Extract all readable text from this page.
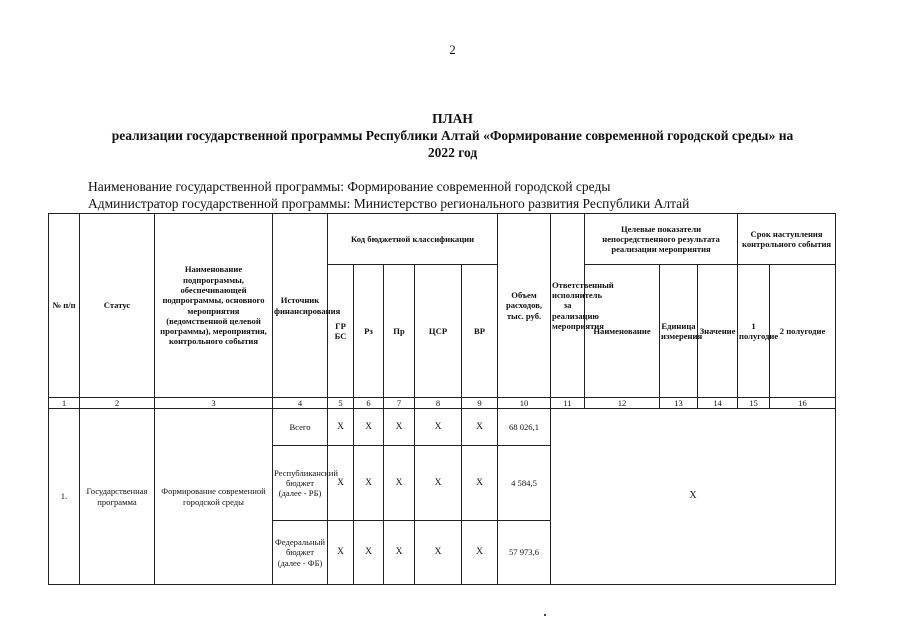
2
ПЛАН
реализации государственной программы Республики Алтай «Формирование современной городской среды» на
2022 год
Наименование государственной программы: Формирование современной городской среды
Администратор государственной программы: Министерство регионального развития Республики Алтай
№ п/п	Статус	Наименование подпрограммы, обеспечивающей подпрограммы, основного мероприятия (ведомственной целевой программы), мероприятия, контрольного события	Источник финансирования	Код бюджетной классификации					Объем расходов, тыс. руб.	Ответственный исполнитель за реализацию мероприятия	Целевые показатели непосредственного результата реализации мероприятия			Срок наступления контрольного события	
				ГР БС	Рз	Пр	ЦСР	ВР			Наименование	Единица измерения	Значение	1 полугодие	2 полугодие
1	2	3	4	5	6	7	8	9	10	11	12	13	14	15	16
1.	Государственная программа	Формирование современной городской среды	Всего	X	X	X	X	X	68 026,1	X					
			Республиканский бюджет (далее - РБ)	X	X	X	X	X	4 584,5						
			Федеральный бюджет (далее - ФБ)	X	X	X	X	X	57 973,6						
